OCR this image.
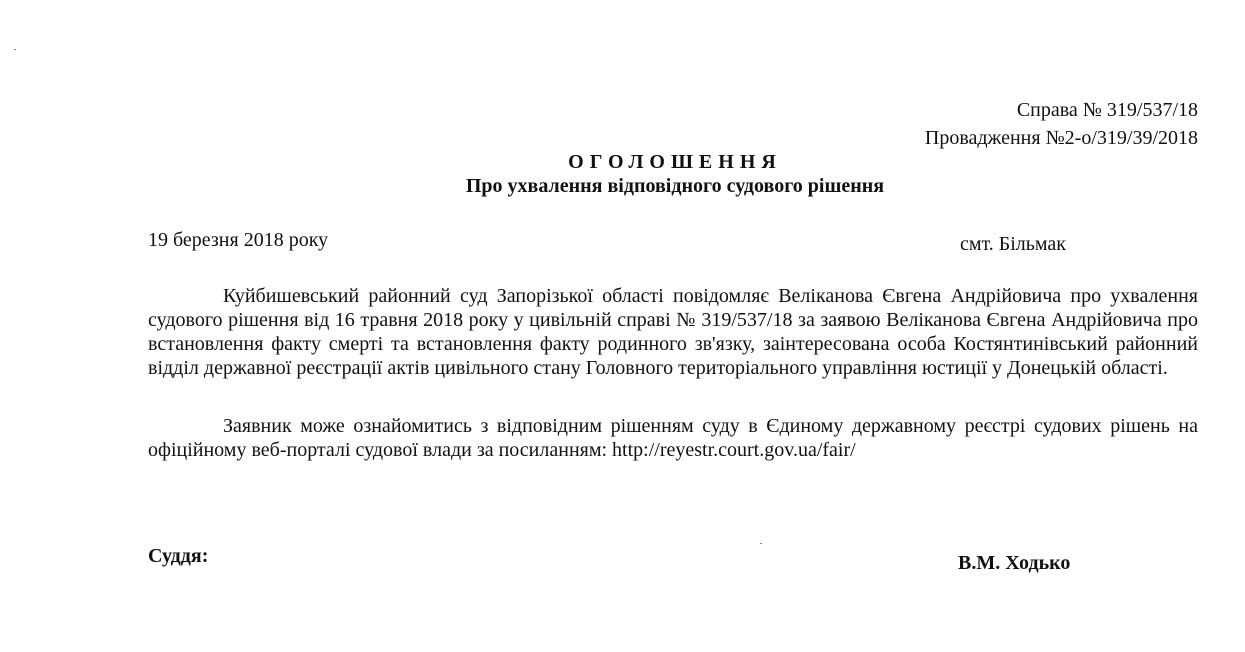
Справа № 319/537/18
Провадження №2-о/319/39/2018
ОГОЛОШЕННЯ
Про ухвалення відповідного судового рішення
19 березня 2018 року	смт. Більмак
Куйбишевський районний суд Запорізької області повідомляє Веліканова Євгена Андрійовича про ухвалення судового рішення від 16 травня 2018 року у цивільній справі № 319/537/18 за заявою Веліканова Євгена Андрійовича про встановлення факту смерті та встановлення факту родинного зв'язку, заінтересована особа Костянтинівський районний відділ державної реєстрації актів цивільного стану Головного територіального управління юстиції у Донецькій області.
Заявник може ознайомитись з відповідним рішенням суду в Єдиному державному реєстрі судових рішень на офіційному веб-порталі судової влади за посиланням: http://reyestr.court.gov.ua/fair/
Суддя:	В.М. Ходько
